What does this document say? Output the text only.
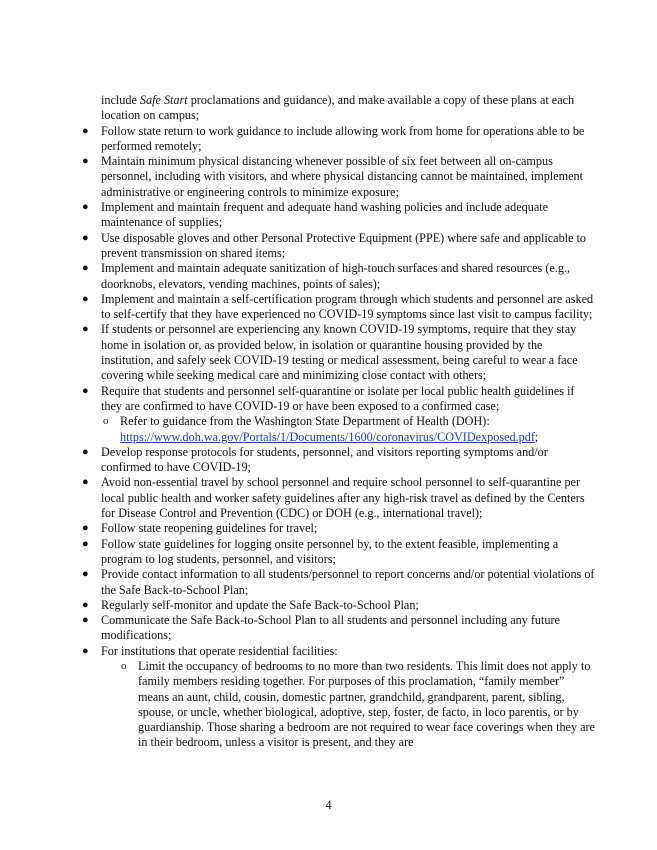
include Safe Start proclamations and guidance), and make available a copy of these plans at each location on campus;

● Follow state return to work guidance to include allowing work from home for operations able to be performed remotely;

● Maintain minimum physical distancing whenever possible of six feet between all on-campus personnel, including with visitors, and where physical distancing cannot be maintained, implement administrative or engineering controls to minimize exposure;

● Implement and maintain frequent and adequate hand washing policies and include adequate maintenance of supplies;

● Use disposable gloves and other Personal Protective Equipment (PPE) where safe and applicable to prevent transmission on shared items;

● Implement and maintain adequate sanitization of high-touch surfaces and shared resources (e.g., doorknobs, elevators, vending machines, points of sales);

● Implement and maintain a self-certification program through which students and personnel are asked to self-certify that they have experienced no COVID-19 symptoms since last visit to campus facility;

● If students or personnel are experiencing any known COVID-19 symptoms, require that they stay home in isolation or, as provided below, in isolation or quarantine housing provided by the institution, and safely seek COVID-19 testing or medical assessment, being careful to wear a face covering while seeking medical care and minimizing close contact with others;

● Require that students and personnel self-quarantine or isolate per local public health guidelines if they are confirmed to have COVID-19 or have been exposed to a confirmed case;

o Refer to guidance from the Washington State Department of Health (DOH): https://www.doh.wa.gov/Portals/1/Documents/1600/coronavirus/COVIDexposed.pdf;

● Develop response protocols for students, personnel, and visitors reporting symptoms and/or confirmed to have COVID-19;

● Avoid non-essential travel by school personnel and require school personnel to self-quarantine per local public health and worker safety guidelines after any high-risk travel as defined by the Centers for Disease Control and Prevention (CDC) or DOH (e.g., international travel);

● Follow state reopening guidelines for travel;

● Follow state guidelines for logging onsite personnel by, to the extent feasible, implementing a program to log students, personnel, and visitors;

● Provide contact information to all students/personnel to report concerns and/or potential violations of the Safe Back-to-School Plan;

● Regularly self-monitor and update the Safe Back-to-School Plan;

● Communicate the Safe Back-to-School Plan to all students and personnel including any future modifications;

● For institutions that operate residential facilities:

o Limit the occupancy of bedrooms to no more than two residents. This limit does not apply to family members residing together. For purposes of this proclamation, “family member” means an aunt, child, cousin, domestic partner, grandchild, grandparent, parent, sibling, spouse, or uncle, whether biological, adoptive, step, foster, de facto, in loco parentis, or by guardianship. Those sharing a bedroom are not required to wear face coverings when they are in their bedroom, unless a visitor is present, and they are

4
